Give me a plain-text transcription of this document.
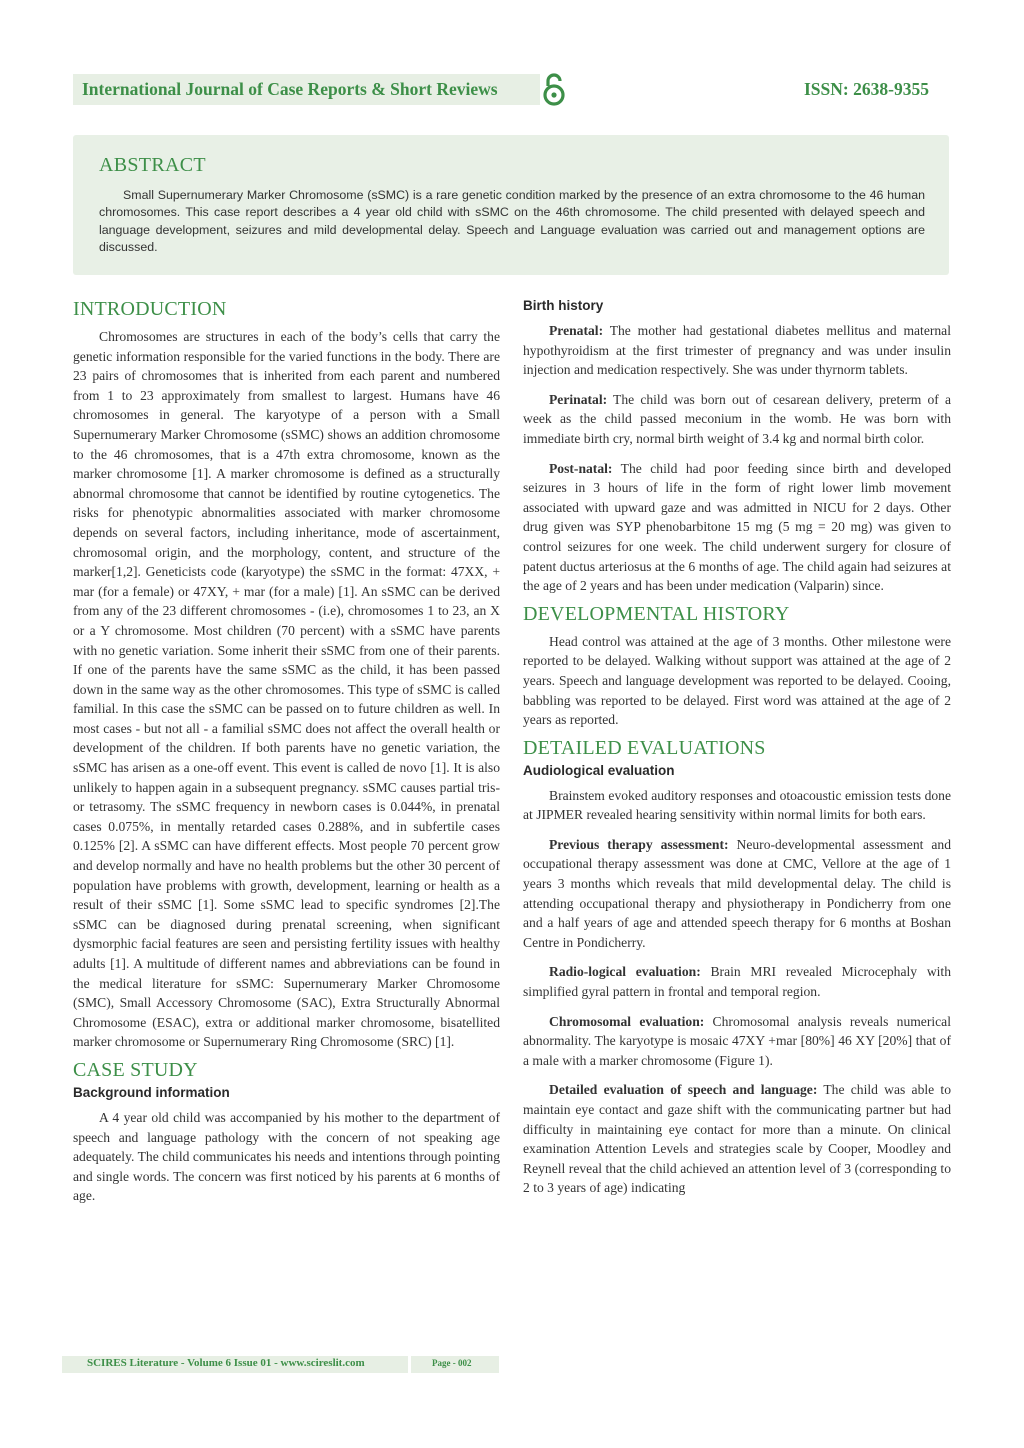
International Journal of Case Reports & Short Reviews	ISSN: 2638-9355
ABSTRACT
Small Supernumerary Marker Chromosome (sSMC) is a rare genetic condition marked by the presence of an extra chromosome to the 46 human chromosomes. This case report describes a 4 year old child with sSMC on the 46th chromosome. The child presented with delayed speech and language development, seizures and mild developmental delay. Speech and Language evaluation was carried out and management options are discussed.
INTRODUCTION

Chromosomes are structures in each of the body’s cells that carry the genetic information responsible for the varied functions in the body. There are 23 pairs of chromosomes that is inherited from each parent and numbered from 1 to 23 approximately from smallest to largest. Humans have 46 chromosomes in general. The karyotype of a person with a Small Supernumerary Marker Chromosome (sSMC) shows an addition chromosome to the 46 chromosomes, that is a 47th extra chromosome, known as the marker chromosome [1]. A marker chromosome is defined as a structurally abnormal chromosome that cannot be identified by routine cytogenetics. The risks for phenotypic abnormalities associated with marker chromosome depends on several factors, including inheritance, mode of ascertainment, chromosomal origin, and the morphology, content, and structure of the marker[1,2]. Geneticists code (karyotype) the sSMC in the format: 47XX, + mar (for a female) or 47XY, + mar (for a male) [1]. An sSMC can be derived from any of the 23 different chromosomes - (i.e), chromosomes 1 to 23, an X or a Y chromosome. Most children (70 percent) with a sSMC have parents with no genetic variation. Some inherit their sSMC from one of their parents. If one of the parents have the same sSMC as the child, it has been passed down in the same way as the other chromosomes. This type of sSMC is called familial. In this case the sSMC can be passed on to future children as well. In most cases - but not all - a familial sSMC does not affect the overall health or development of the children. If both parents have no genetic variation, the sSMC has arisen as a one-off event. This event is called de novo [1]. It is also unlikely to happen again in a subsequent pregnancy. sSMC causes partial tris-or tetrasomy. The sSMC frequency in newborn cases is 0.044%, in prenatal cases 0.075%, in mentally retarded cases 0.288%, and in subfertile cases 0.125% [2]. A sSMC can have different effects. Most people 70 percent grow and develop normally and have no health problems but the other 30 percent of population have problems with growth, development, learning or health as a result of their sSMC [1]. Some sSMC lead to specific syndromes [2].The sSMC can be diagnosed during prenatal screening, when significant dysmorphic facial features are seen and persisting fertility issues with healthy adults [1]. A multitude of different names and abbreviations can be found in the medical literature for sSMC: Supernumerary Marker Chromosome (SMC), Small Accessory Chromosome (SAC), Extra Structurally Abnormal Chromosome (ESAC), extra or additional marker chromosome, bisatellited marker chromosome or Supernumerary Ring Chromosome (SRC) [1].

CASE STUDY
Background information

A 4 year old child was accompanied by his mother to the department of speech and language pathology with the concern of not speaking age adequately. The child communicates his needs and intentions through pointing and single words. The concern was first noticed by his parents at 6 months of age.

Birth history

Prenatal: The mother had gestational diabetes mellitus and maternal hypothyroidism at the first trimester of pregnancy and was under insulin injection and medication respectively. She was under thyrnorm tablets.

Perinatal: The child was born out of cesarean delivery, preterm of a week as the child passed meconium in the womb. He was born with immediate birth cry, normal birth weight of 3.4 kg and normal birth color.

Post-natal: The child had poor feeding since birth and developed seizures in 3 hours of life in the form of right lower limb movement associated with upward gaze and was admitted in NICU for 2 days. Other drug given was SYP phenobarbitone 15 mg (5 mg = 20 mg) was given to control seizures for one week. The child underwent surgery for closure of patent ductus arteriosus at the 6 months of age. The child again had seizures at the age of 2 years and has been under medication (Valparin) since.

DEVELOPMENTAL HISTORY

Head control was attained at the age of 3 months. Other milestone were reported to be delayed. Walking without support was attained at the age of 2 years. Speech and language development was reported to be delayed. Cooing, babbling was reported to be delayed. First word was attained at the age of 2 years as reported.

DETAILED EVALUATIONS
Audiological evaluation

Brainstem evoked auditory responses and otoacoustic emission tests done at JIPMER revealed hearing sensitivity within normal limits for both ears.

Previous therapy assessment: Neuro-developmental assessment and occupational therapy assessment was done at CMC, Vellore at the age of 1 years 3 months which reveals that mild developmental delay. The child is attending occupational therapy and physiotherapy in Pondicherry from one and a half years of age and attended speech therapy for 6 months at Boshan Centre in Pondicherry.

Radio-logical evaluation: Brain MRI revealed Microcephaly with simplified gyral pattern in frontal and temporal region.

Chromosomal evaluation: Chromosomal analysis reveals numerical abnormality. The karyotype is mosaic 47XY +mar [80%] 46 XY [20%] that of a male with a marker chromosome (Figure 1).

Detailed evaluation of speech and language: The child was able to maintain eye contact and gaze shift with the communicating partner but had difficulty in maintaining eye contact for more than a minute. On clinical examination Attention Levels and strategies scale by Cooper, Moodley and Reynell reveal that the child achieved an attention level of 3 (corresponding to 2 to 3 years of age) indicating

SCIRES Literature - Volume 6 Issue 01 - www.scireslit.com	Page - 002
